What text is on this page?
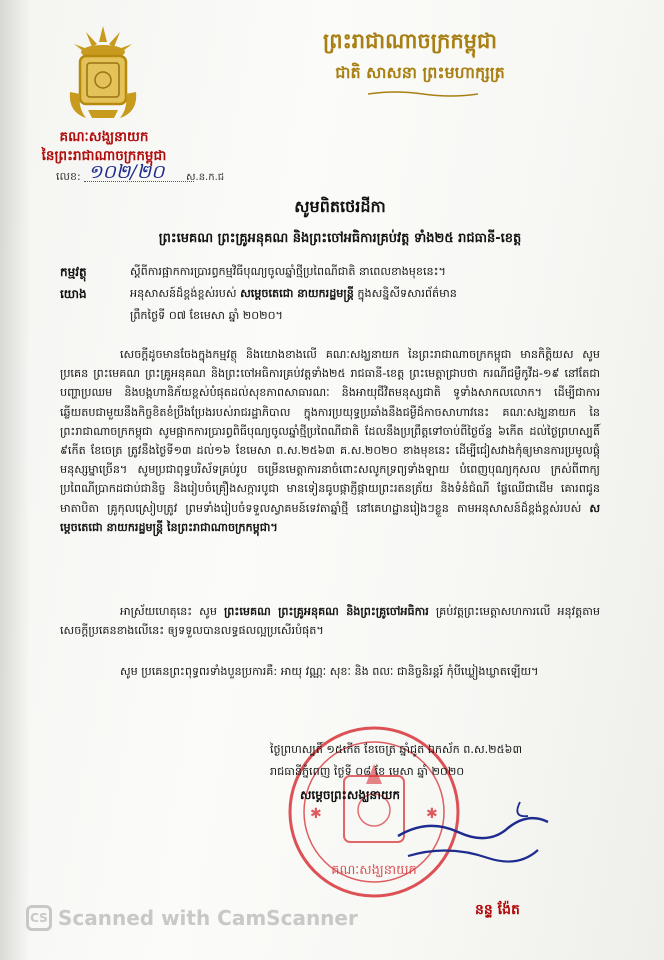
គណៈសង្ឃនាយក
នៃព្រះរាជាណាចក្រកម្ពុជា
លេខ: ១០២/២០ ស.ន.ក.ជ
ព្រះរាជាណាចក្រកម្ពុជា
ជាតិ សាសនា ព្រះមហាក្សត្រ
សូមពិតថេរដីកា
ព្រះមេគណ ព្រះគ្រូអនុគណ និងព្រះចៅអធិការគ្រប់វត្ត ទាំង២៥ រាជធានី-ខេត្ត
កម្មវត្ថុ	ស្តីពីការផ្អាកការប្រារព្ធកម្មវិធីបុណ្យចូលឆ្នាំថ្មីប្រពៃណីជាតិ នាពេលខាងមុខនេះ។
យោង	អនុសាសន៍ដ៏ខ្ពង់ខ្ពស់របស់ សម្តេចតេជោ នាយករដ្ឋមន្ត្រី ក្នុងសន្និសីទសារព័ត៌មាន
ព្រឹកថ្ងៃទី ០៧ ខែមេសា ឆ្នាំ ២០២០។
សេចក្តីដូចមានចែងក្នុងកម្មវត្ថុ និងយោងខាងលើ គណៈសង្ឃនាយក នៃព្រះរាជាណាចក្រកម្ពុជា មានកិត្តិយស សូមប្រគេន ព្រះមេគណ ព្រះគ្រូអនុគណ និងព្រះចៅអធិការគ្រប់វត្តទាំង២៥ រាជធានី-ខេត្ត ព្រះមេត្តាជ្រាបថា ករណីជម្ងឺកូវីដ-១៩ នៅតែជាបញ្ហាប្រឈម និងបង្កហានិភ័យខ្ពស់បំផុតដល់សុខភាពសាធារណៈ និងអាយុជីវិតមនុស្សជាតិ ទូទាំងសាកលលោក។ ដើម្បីជាការឆ្លើយតបជាមួយនឹងកិច្ចខិតខំប្រឹងប្រែងរបស់រាជរដ្ឋាភិបាល ក្នុងការប្រយុទ្ធប្រឆាំងនឹងជម្ងឺដ៏កាចសាហាវនេះ គណៈសង្ឃនាយក នៃព្រះរាជាណាចក្រកម្ពុជា សូមផ្អាកការប្រារព្ធពិធីបុណ្យចូលឆ្នាំថ្មីប្រពៃណីជាតិ ដែលនឹងប្រព្រឹត្តទៅចាប់ពីថ្ងៃច័ន្ទ ៦កើត ដល់ថ្ងៃព្រហស្បតិ៍ ៩កើត ខែចេត្រ ត្រូវនឹងថ្ងៃទី១៣ ដល់១៦ ខែមេសា ព.ស.២៥៦៣ គ.ស.២០២០ ខាងមុខនេះ ដើម្បីជៀសវាងកុំឲ្យមានការប្រមូលផ្តុំមនុស្សម្នាច្រើន។ សូមប្រជាពុទ្ធបរិស័ទគ្រប់រូប ចម្រើនមេត្តាការនាចំពោះសលូកទ្រព្យទាំងឡាយ បំពេញបុណ្យកុសល ក្រស់ពីពាក្យប្រពៃណីប្រាកដជាប់ជានិច្ច និងរៀបចំគ្រឿងសក្ការបូជា មានទៀនធូបផ្កាភ្ញីផ្កាយព្រះរតនត្រ័យ និងទំនំជំណី ផ្លែឈើជាដើម គោរពជូនមាតាបិតា គ្រូកុលស្រៀបត្រូវ ព្រមទាំងរៀបចំទទួលស្វាគមន៍ទេវតាឆ្នាំថ្មី នៅគេហដ្ឋានរៀងៗខ្លួន តាមអនុសាសន៍ដ៏ខ្ពង់ខ្ពស់របស់ សម្តេចតេជោ នាយករដ្ឋមន្ត្រី នៃព្រះរាជាណាចក្រកម្ពុជា។
អាស្រ័យហេតុនេះ សូម ព្រះមេគណ ព្រះគ្រូអនុគណ និងព្រះគ្រូចៅអធិការ គ្រប់វត្តព្រះមេត្តាសហការលើ អនុវត្តតាមសេចក្តីប្រគេនខាងលើនេះ ឲ្យទទួលបានលទ្ធផលល្អប្រសើរបំផុត។
សូម ប្រគេនព្រះពុទ្ធពរទាំងបួនប្រការគឺ: អាយុ វណ្ណៈ សុខៈ និង ពលៈ ជានិច្ចនិរន្តរ៍ កុំបីឃ្លៀងឃ្លាតឡើយ។
✱	✱
គណៈសង្ឃនាយក
ថ្ងៃព្រហស្បតិ៍ ១៥កើត ខែចេត្រ ឆ្នាំជូត ឯកស័ក ព.ស.២៥៦៣
រាជធានីភ្នំពេញ ថ្ងៃទី ០៨ ខែ មេសា ឆ្នាំ ២០២០
សម្តេចព្រះសង្ឃនាយក
នន្ទ ង៉ែត
CS Scanned with CamScanner
